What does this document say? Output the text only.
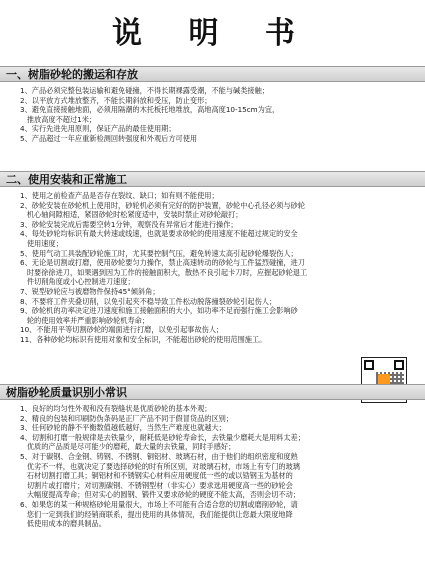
说 明 书
一、树脂砂轮的搬运和存放
1、产品必须完整包装运输和避免碰撞，不得长期裸露受潮，不能与碱类接触；
2、以平放方式堆放整齐，不能长期斜放和受压，防止变形；
3、避免直接接触地面，必须用隔潮的木托板托地堆放，高地高度10-15cm为宜，
推放高度不超过1米；
4、实行先进先用原则，保证产品的最佳使用期；
5、产品超过一年应重新检测回转强度和外观后方可使用
二、使用安装和正常施工
1、使用之前检查产品是否存在裂纹、缺口；如有则不能使用；
2、砂轮安装在砂轮机上使用时，砂轮机必须有完好的防护装置，砂轮中心孔径必须与砂轮
机心轴间隙相适，紧固砂轮时松紧度适中，安装时禁止对砂轮敲打；
3、砂轮安装完成后需要空转1分钟，观察没有异常后才能进行操作；
4、每处砂轮均标识有最大转速或线速，也就是要求砂轮的使用速度不能超过规定的安全
使用速度；
5、使用气动工具装配砂轮施工时，尤其要控制气压，避免转速太高引起砂轮爆裂伤人；
6、无论是切割或打磨，使用砂轮要匀力操作，禁止高速转动的砂轮与工件猛烈碰撞，进刀
时要徐徐进刀，如果遇到因为工作的接触面积大，散热不良引起卡刀时，应握起砂轮退工
件切削角度或小心控制进刀速度；
7、锐型砂轮应与被磨物件保持45°倾斜角；
8、不要将工件夹叠切削，以免引起夹不稳导致工件松动脱落撞裂砂轮引起伤人；
9、砂轮机的功率决定进刀速度和施工接触面积的大小，如功率不足而强行施工会影响砂
轮的使用效率并严重影响砂轮机寿命；
10、不能用平等切割砂轮的端面进行打磨，以免引起事故伤人；
11、各种砂轮均标识有使用对象和安全标识，不能超出砂轮的使用范围施工。
树脂砂轮质量识别小常识
1、良好的均匀性外观和没有裂缝状是优质砂轮的基本外观；
2、精良的包装和印刷防伪条码是正厂产品不同于假冒货品的区别；
3、任何砂轮的静不平衡数值越低越好，当然生产难度也就越大；
4、切割和打磨一般规律是去铁量少，耐耗低是砂轮寿命长，去铁量少磨耗大是用料太差；
优质的产品质是尽可能少的磨耗，最大量的去铁量，同时手感好；
5、对于碳钢、合金钢、铸钢、不锈钢、铜铝材、玻璃石材，由于他们的组织密度和度熟
优劣不一样，也就决定了要选择砂轮的时有所区别，对玻璃石材，市场上有专门的玻璃
石材切割打磨工具；铜铝材和不锈钢实心材料应用硬度低一些的或以锆钢玉为基材的
切割片或打磨片；对切割碳钢、不锈钢型材（非实心）要求选用硬度高一些的砂轮会
大幅度提高寿命；但对实心的圆钢、锻件又要求砂轮的硬度不能太高，否则会切不动；
6、如果您的某一种规格砂轮用量很大，市场上不可能有合适合您的切割或磨削砂轮，请
您们一定到我们的经销商联系，提出使用的具体情况，我们能提供让您最大限度地降
低使用成本的磨具制品。
